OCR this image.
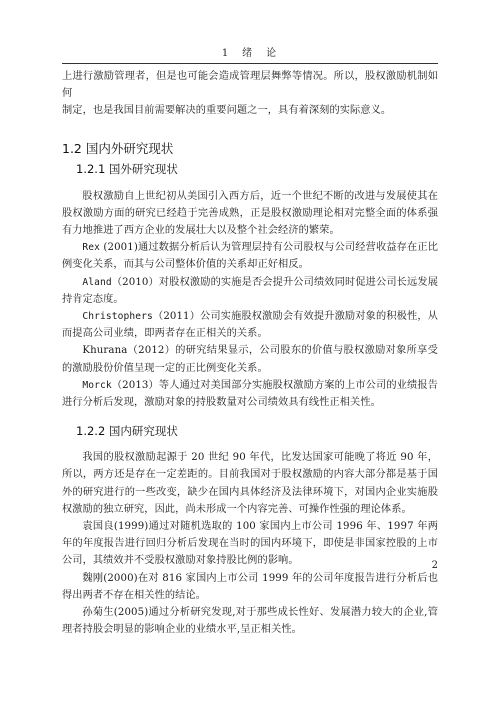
1　绪　论

上进行激励管理者，但是也可能会造成管理层舞弊等情况。所以，股权激励机制如何

制定，也是我国目前需要解决的重要问题之一，具有着深刻的实际意义。

1.2 国内外研究现状
1.2.1 国外研究现状

股权激励自上世纪初从美国引入西方后，近一个世纪不断的改进与发展使其在股权激励方面的研究已经趋于完善成熟，正是股权激励理论相对完整全面的体系强有力地推进了西方企业的发展壮大以及整个社会经济的繁荣。

Rex (2001)通过数据分析后认为管理层持有公司股权与公司经营收益存在正比例变化关系，而其与公司整体价值的关系却正好相反。

Aland（2010）对股权激励的实施是否会提升公司绩效同时促进公司长远发展持肯定态度。

Christophers（2011）公司实施股权激励会有效提升激励对象的积极性，从而提高公司业绩，即两者存在正相关的关系。

Khurana（2012）的研究结果显示，公司股东的价值与股权激励对象所享受的激励股份价值呈现一定的正比例变化关系。

Morck（2013）等人通过对美国部分实施股权激励方案的上市公司的业绩报告进行分析后发现，激励对象的持股数量对公司绩效具有线性正相关性。

1.2.2 国内研究现状

我国的股权激励起源于 20 世纪 90 年代，比发达国家可能晚了将近 90 年，所以，两方还是存在一定差距的。目前我国对于股权激励的内容大部分都是基于国外的研究进行的一些改变，缺少在国内具体经济及法律环境下，对国内企业实施股权激励的独立研究，因此，尚未形成一个内容完善、可操作性强的理论体系。

袁国良(1999)通过对随机选取的 100 家国内上市公司 1996 年、1997 年两年的年度报告进行回归分析后发现在当时的国内环境下，即使是非国家控股的上市公司，其绩效并不受股权激励对象持股比例的影响。

魏刚(2000)在对 816 家国内上市公司 1999 年的公司年度报告进行分析后也得出两者不存在相关性的结论。

孙菊生(2005)通过分析研究发现,对于那些成长性好、发展潜力较大的企业,管理者持股会明显的影响企业的业绩水平,呈正相关性。

2
